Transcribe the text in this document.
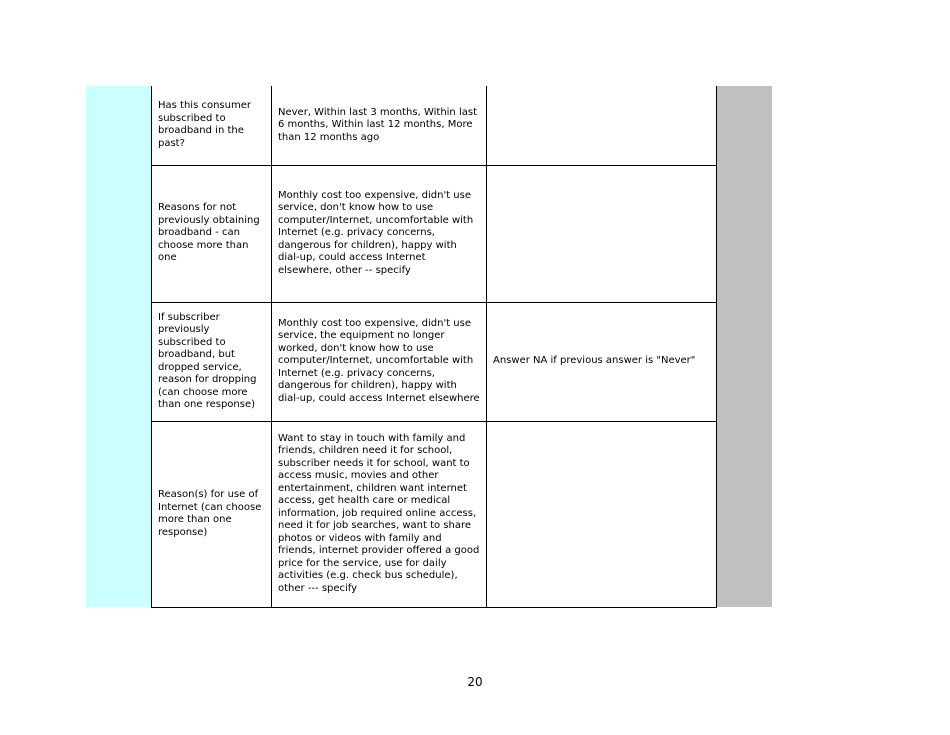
Has this consumer subscribed to broadband in the past?	Never, Within last 3 months, Within last 6 months, Within last 12 months, More than 12 months ago	
Reasons for not previously obtaining broadband - can choose more than one	Monthly cost too expensive, didn't use service, don't know how to use computer/Internet, uncomfortable with Internet (e.g. privacy concerns, dangerous for children), happy with dial-up, could access Internet elsewhere, other -- specify	
If subscriber previously subscribed to broadband, but dropped service, reason for dropping (can choose more than one response)	Monthly cost too expensive, didn't use service, the equipment no longer worked, don't know how to use computer/Internet, uncomfortable with Internet (e.g. privacy concerns, dangerous for children), happy with dial-up, could access Internet elsewhere	Answer NA if previous answer is "Never"
Reason(s) for use of Internet (can choose more than one response)	Want to stay in touch with family and friends, children need it for school, subscriber needs it for school, want to access music, movies and other entertainment, children want internet access, get health care or medical information, job required online access, need it for job searches, want to share photos or videos with family and friends, internet provider offered a good price for the service, use for daily activities (e.g. check bus schedule), other --- specify	
20
